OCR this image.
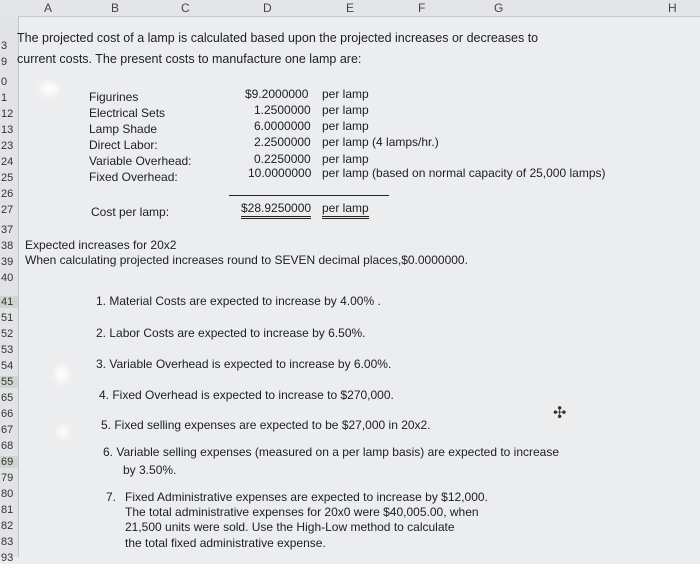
A	B	C	D	E	F	G	H
3
9
0
1
12
13
23
24
25
26
27
37
38
39
40
41
51
52
53
54
55
65
66
67
68
69
79
80
81
82
83
93
The projected cost of a lamp is calculated based upon the projected increases or decreases to
current costs. The present costs to manufacture one lamp are:
Figurines	$9.2000000 per lamp
Electrical Sets	1.2500000 per lamp
Lamp Shade	6.0000000 per lamp
Direct Labor:	2.2500000 per lamp (4 lamps/hr.)
Variable Overhead:	0.2250000 per lamp
Fixed Overhead:	10.0000000 per lamp (based on normal capacity of 25,000 lamps)
Cost per lamp:	$28.9250000 per lamp
Expected increases for 20x2
When calculating projected increases round to SEVEN decimal places,$0.0000000.
1. Material Costs are expected to increase by 4.00% .
2. Labor Costs are expected to increase by 6.50%.
3. Variable Overhead is expected to increase by 6.00%.
4. Fixed Overhead is expected to increase to $270,000.
5. Fixed selling expenses are expected to be $27,000 in 20x2.
6. Variable selling expenses (measured on a per lamp basis) are expected to increase
by 3.50%.
7. Fixed Administrative expenses are expected to increase by $12,000.
The total administrative expenses for 20x0 were $40,005.00, when
21,500 units were sold. Use the High-Low method to calculate
the total fixed administrative expense.
✣
